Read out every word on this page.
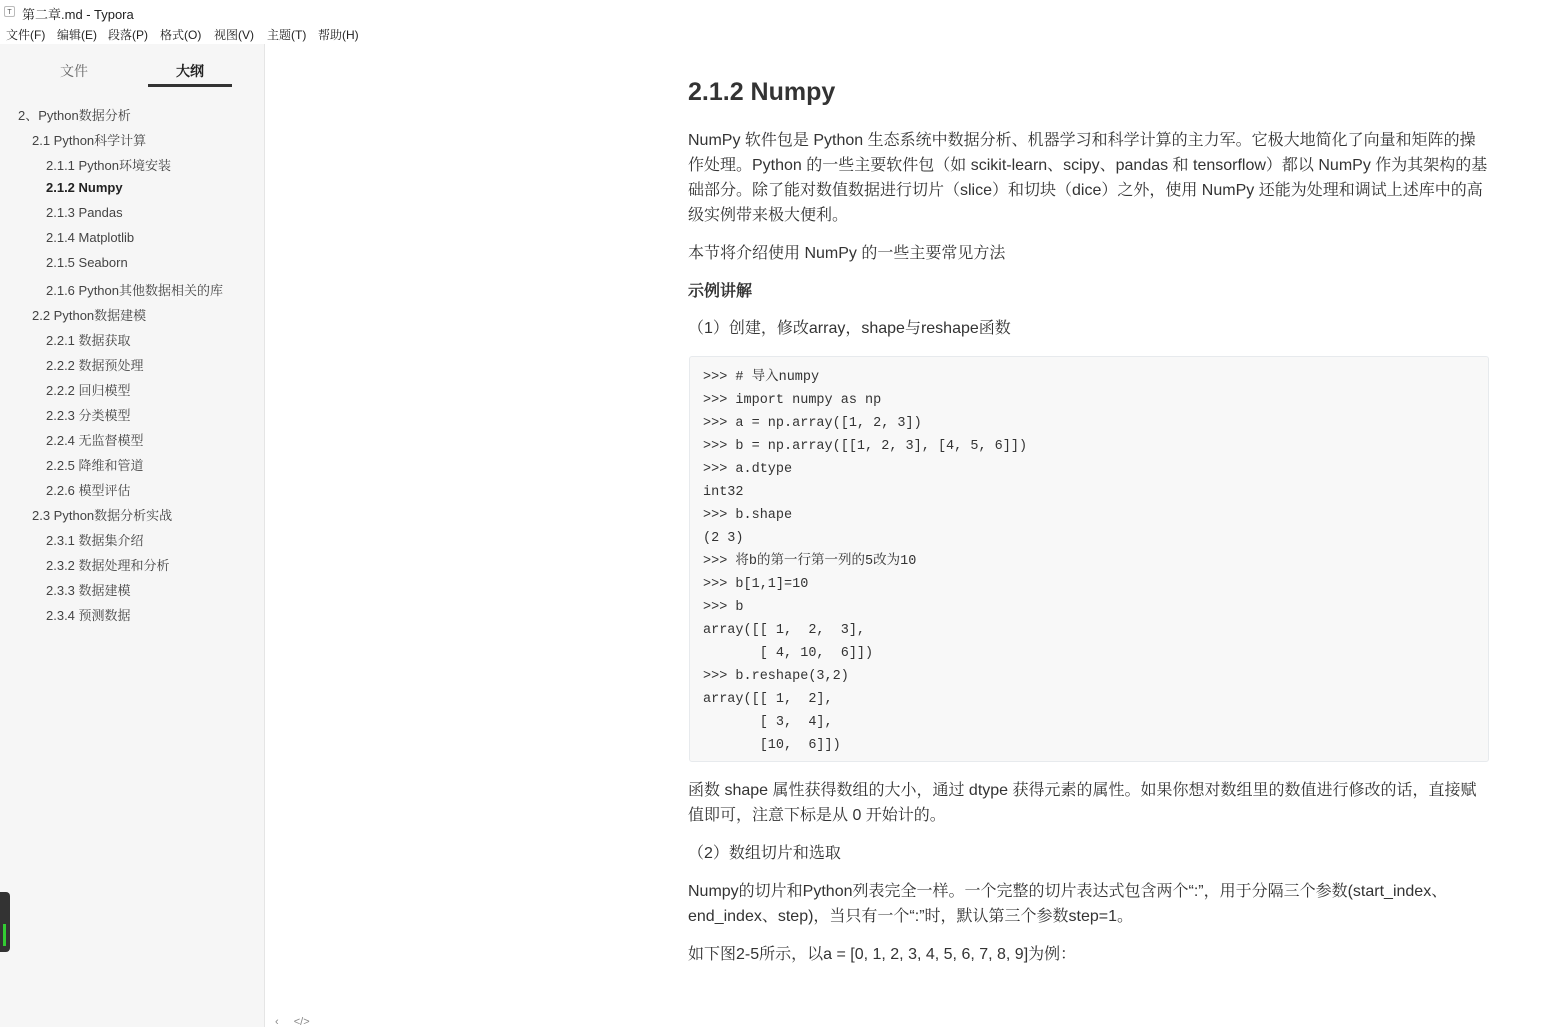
T 第二章.md - Typora
文件(F) 编辑(E) 段落(P) 格式(O) 视图(V) 主题(T) 帮助(H)
文件	大纲
2、Python数据分析
2.1 Python科学计算
2.1.1 Python环境安装
2.1.2 Numpy
2.1.3 Pandas
2.1.4 Matplotlib
2.1.5 Seaborn
2.1.6 Python其他数据相关的库
2.2 Python数据建模
2.2.1 数据获取
2.2.2 数据预处理
2.2.2 回归模型
2.2.3 分类模型
2.2.4 无监督模型
2.2.5 降维和管道
2.2.6 模型评估
2.3 Python数据分析实战
2.3.1 数据集介绍
2.3.2 数据处理和分析
2.3.3 数据建模
2.3.4 预测数据
‹ </>
2.1.2 Numpy

NumPy 软件包是 Python 生态系统中数据分析、机器学习和科学计算的主力军。它极大地简化了向量和矩阵的操作处理。Python 的一些主要软件包（如 scikit-learn、scipy、pandas 和 tensorflow）都以 NumPy 作为其架构的基础部分。除了能对数值数据进行切片（slice）和切块（dice）之外，使用 NumPy 还能为处理和调试上述库中的高级实例带来极大便利。

本节将介绍使用 NumPy 的一些主要常见方法

示例讲解

（1）创建，修改array，shape与reshape函数

>>> # 导入numpy
>>> import numpy as np
>>> a = np.array([1, 2, 3])
>>> b = np.array([[1, 2, 3], [4, 5, 6]])
>>> a.dtype
int32
>>> b.shape
(2 3)
>>> 将b的第一行第一列的5改为10
>>> b[1,1]=10
>>> b
array([[ 1,  2,  3],
[ 4, 10,  6]])
>>> b.reshape(3,2)
array([[ 1,  2],
[ 3,  4],
[10,  6]])

函数 shape 属性获得数组的大小，通过 dtype 获得元素的属性。如果你想对数组里的数值进行修改的话，直接赋值即可，注意下标是从 0 开始计的。

（2）数组切片和选取

Numpy的切片和Python列表完全一样。一个完整的切片表达式包含两个“:”，用于分隔三个参数(start_index、end_index、step)，当只有一个“:”时，默认第三个参数step=1。

如下图2-5所示，以a = [0, 1, 2, 3, 4, 5, 6, 7, 8, 9]为例：
